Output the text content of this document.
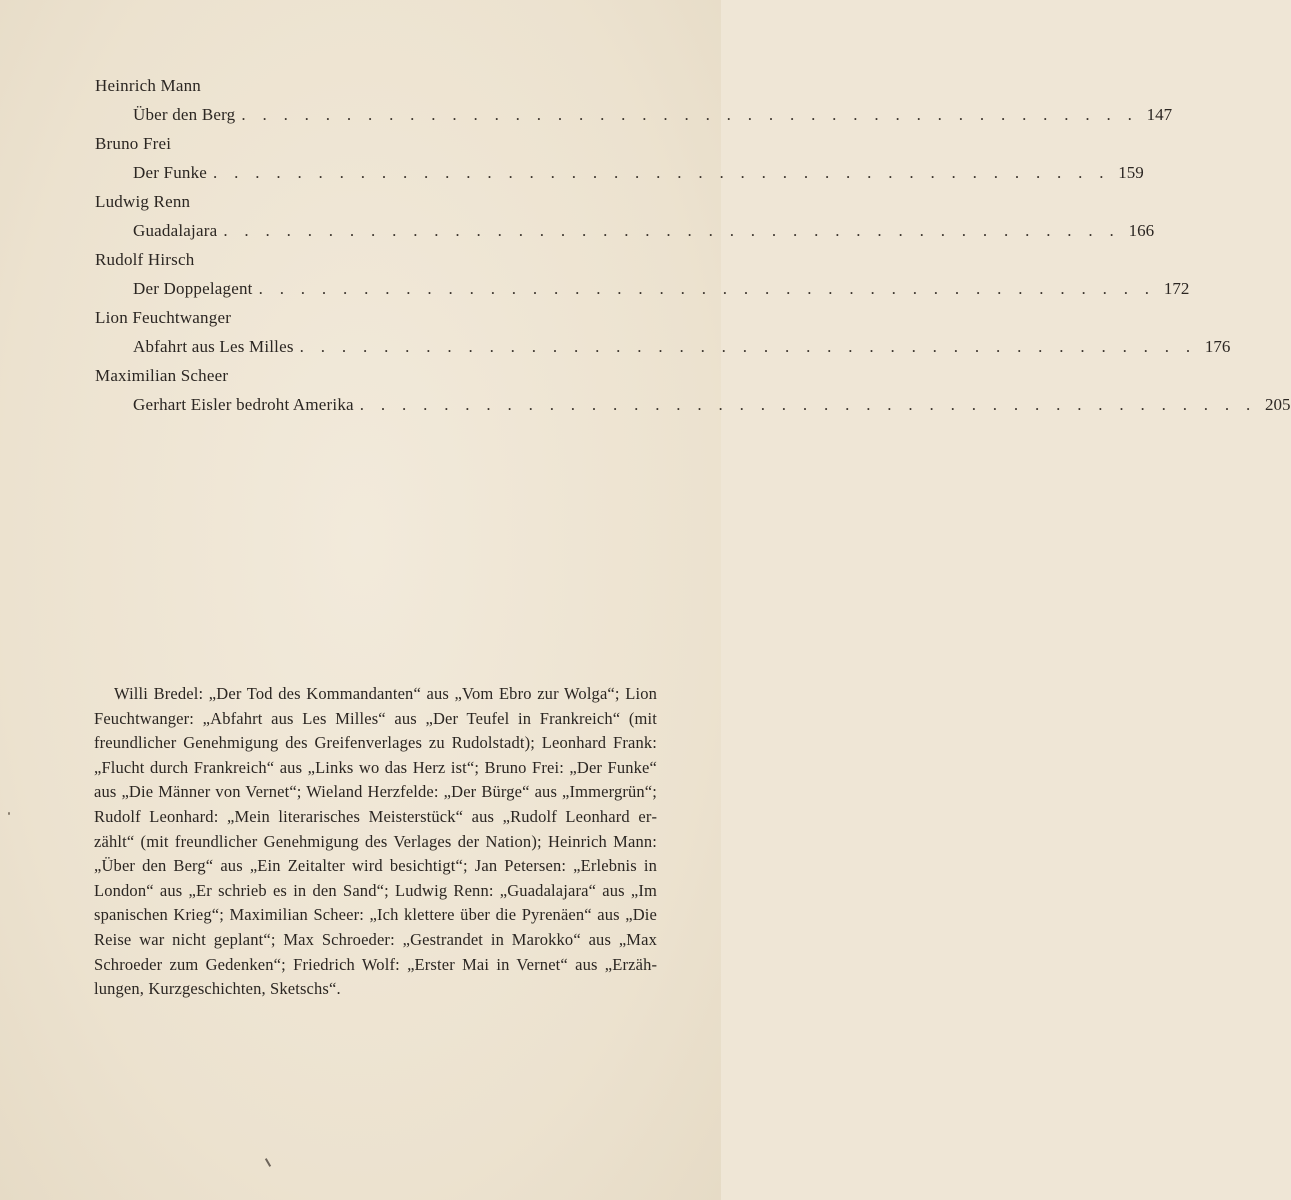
Heinrich Mann
Über den Berg . . . . . . . . . . . . . . . . . . . . . . . . . . . . . . . . . . . . . . . . . . . 147
Bruno Frei
Der Funke . . . . . . . . . . . . . . . . . . . . . . . . . . . . . . . . . . . . . . . . . . . 159
Ludwig Renn
Guadalajara . . . . . . . . . . . . . . . . . . . . . . . . . . . . . . . . . . . . . . . . . . . 166
Rudolf Hirsch
Der Doppelagent . . . . . . . . . . . . . . . . . . . . . . . . . . . . . . . . . . . . . . . . . . . 172
Lion Feuchtwanger
Abfahrt aus Les Milles . . . . . . . . . . . . . . . . . . . . . . . . . . . . . . . . . . . . . . . . . . . 176
Maximilian Scheer
Gerhart Eisler bedroht Amerika . . . . . . . . . . . . . . . . . . . . . . . . . . . . . . . . . . . . . . . . . . . 205

Willi Bredel: „Der Tod des Kommandanten“ aus „Vom Ebro zur Wolga“; Lion Feuchtwanger: „Abfahrt aus Les Milles“ aus „Der Teufel in Frankreich“ (mit freundlicher Genehmigung des Greifenverlages zu Rudolstadt); Leonhard Frank: „Flucht durch Frankreich“ aus „Links wo das Herz ist“; Bruno Frei: „Der Funke“ aus „Die Männer von Vernet“; Wieland Herzfelde: „Der Bürge“ aus „Immergrün“; Rudolf Leonhard: „Mein literarisches Meisterstück“ aus „Rudolf Leonhard erzählt“ (mit freundlicher Genehmigung des Verlages der Nation); Heinrich Mann: „Über den Berg“ aus „Ein Zeitalter wird besichtigt“; Jan Petersen: „Erlebnis in London“ aus „Er schrieb es in den Sand“; Ludwig Renn: „Guadalajara“ aus „Im spanischen Krieg“; Maximilian Scheer: „Ich klettere über die Pyrenäen“ aus „Die Reise war nicht geplant“; Max Schroeder: „Gestrandet in Marokko“ aus „Max Schroeder zum Gedenken“; Friedrich Wolf: „Erster Mai in Vernet“ aus „Erzählungen, Kurzgeschichten, Sketschs“.
